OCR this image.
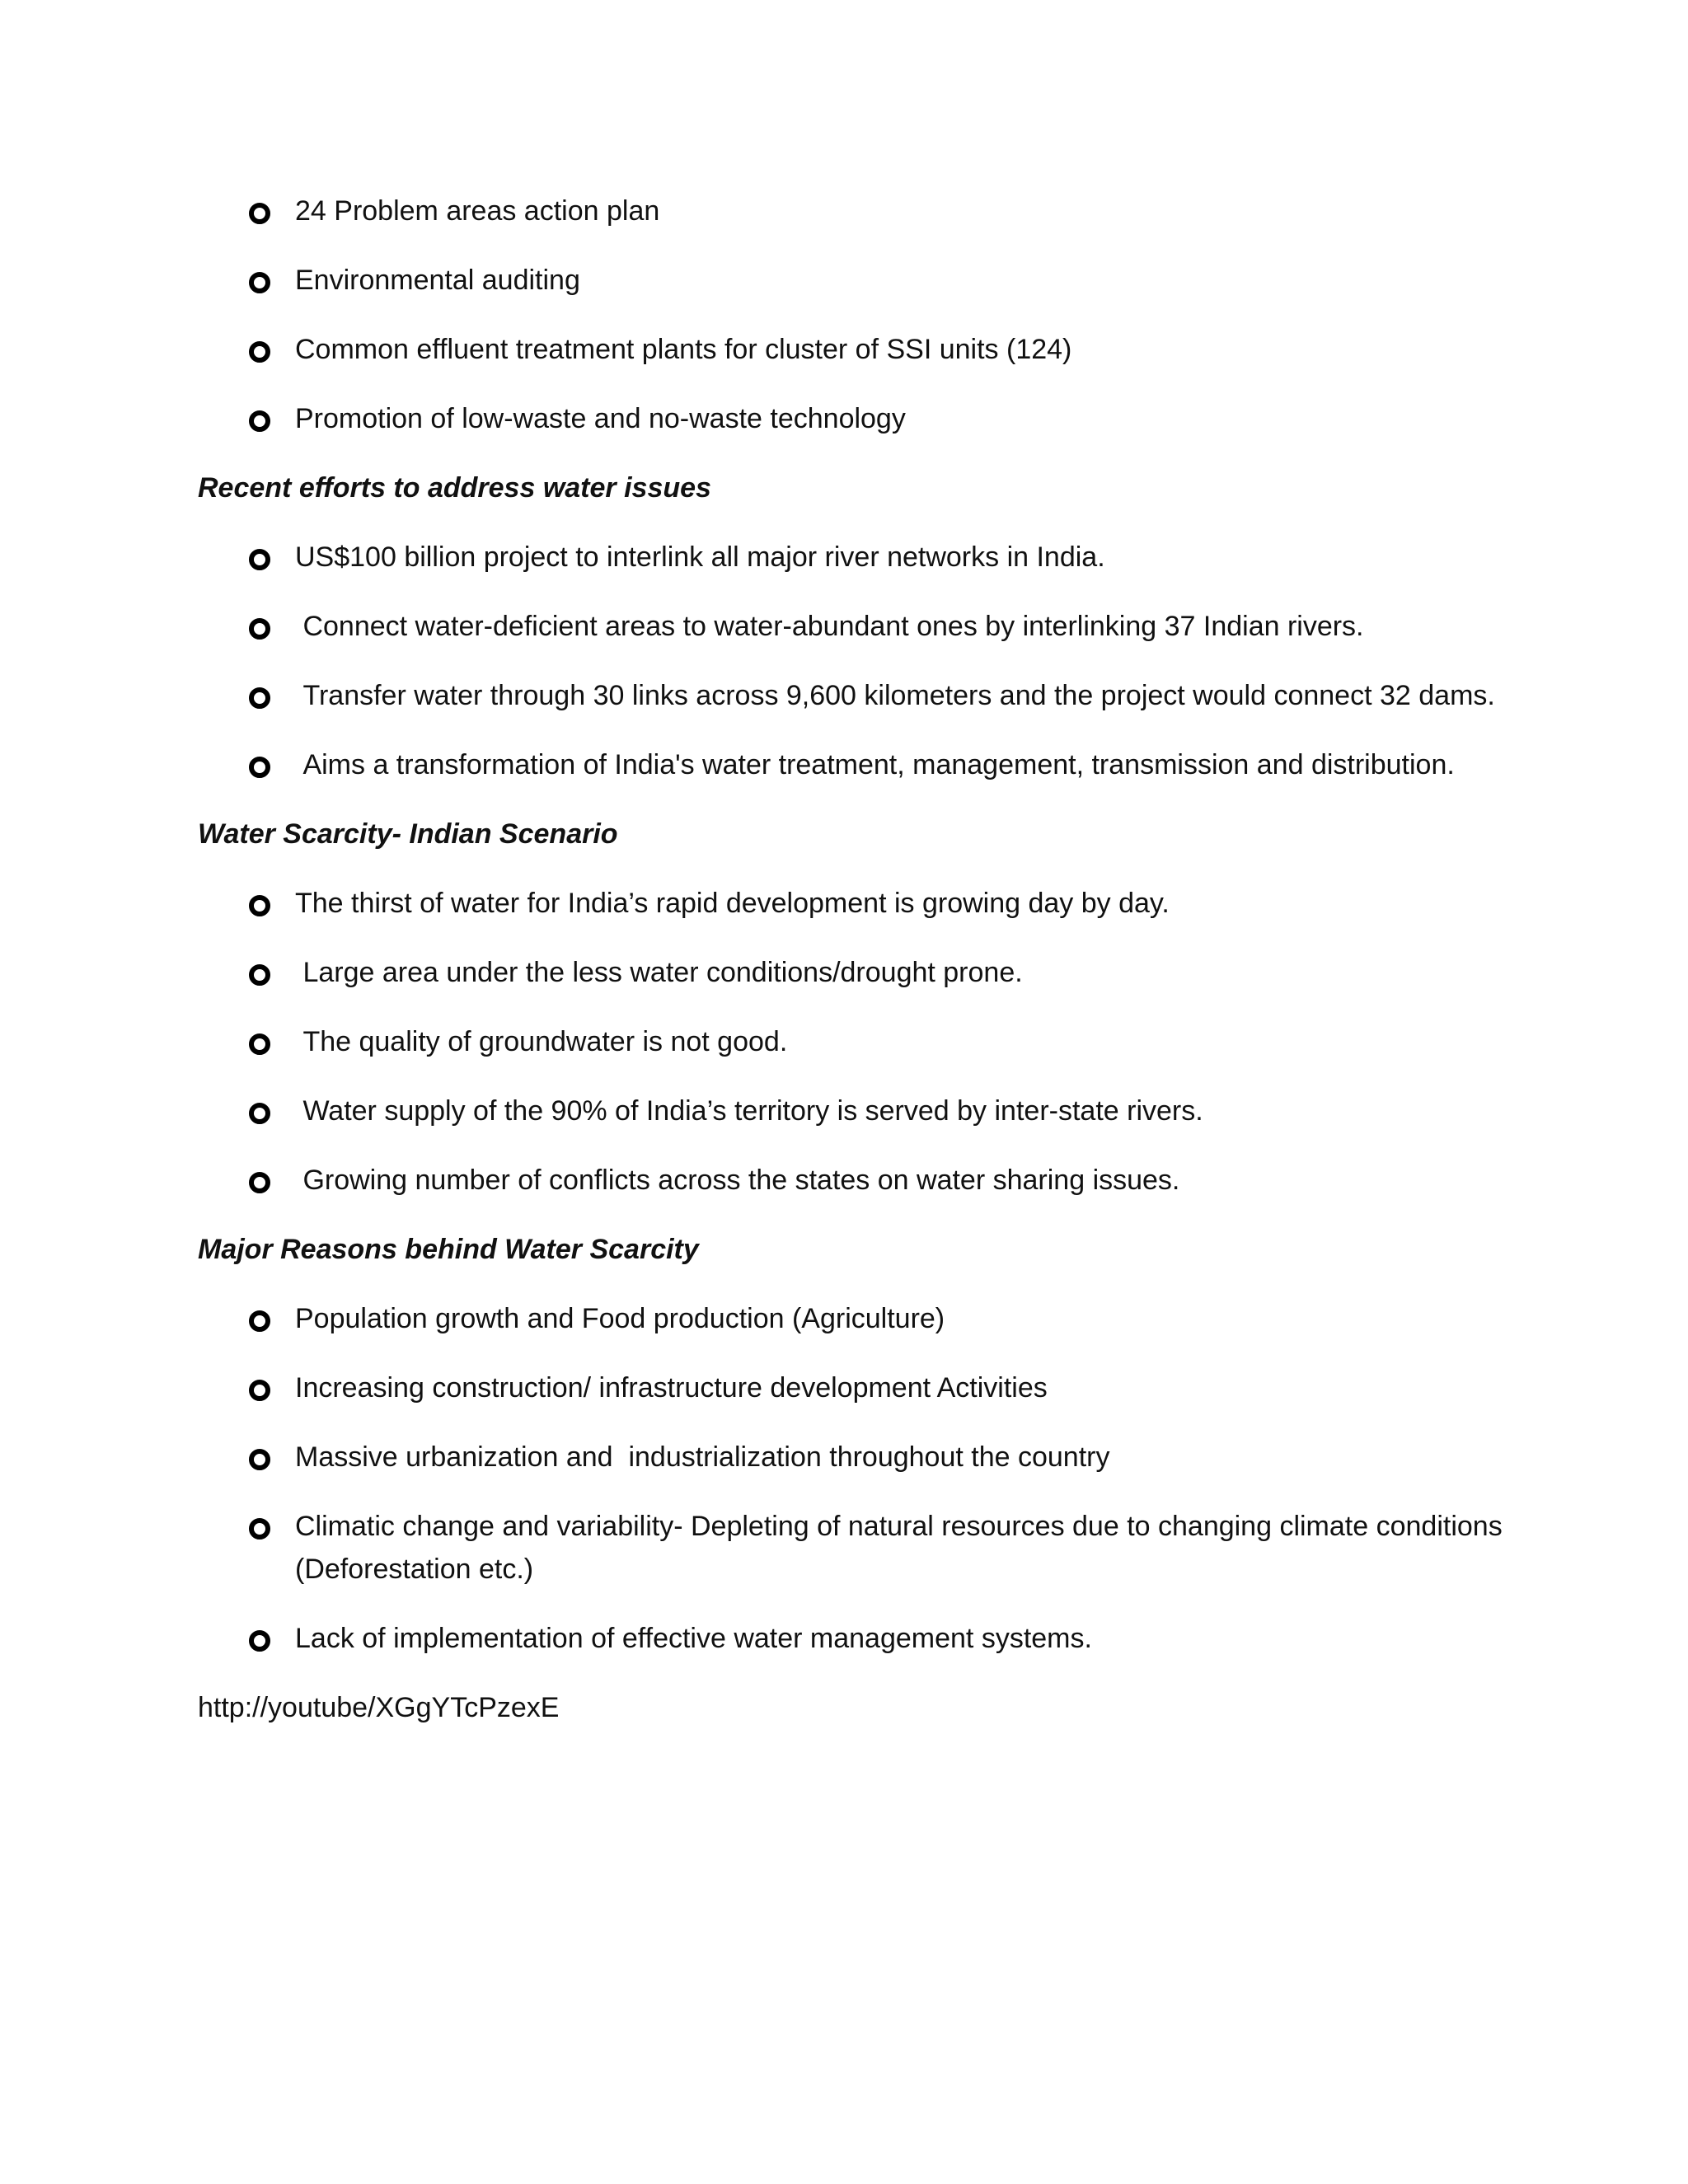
24 Problem areas action plan
Environmental auditing
Common effluent treatment plants for cluster of SSI units (124)
Promotion of low-waste and no-waste technology

Recent efforts to address water issues

US$100 billion project to interlink all major river networks in India.
Connect water-deficient areas to water-abundant ones by interlinking 37 Indian rivers.
Transfer water through 30 links across 9,600 kilometers and the project would connect 32 dams.
Aims a transformation of India's water treatment, management, transmission and distribution.

Water Scarcity- Indian Scenario

The thirst of water for India’s rapid development is growing day by day.
Large area under the less water conditions/drought prone.
The quality of groundwater is not good.
Water supply of the 90% of India’s territory is served by inter-state rivers.
Growing number of conflicts across the states on water sharing issues.

Major Reasons behind Water Scarcity

Population growth and Food production (Agriculture)
Increasing construction/ infrastructure development Activities
Massive urbanization and  industrialization throughout the country
Climatic change and variability- Depleting of natural resources due to changing climate conditions (Deforestation etc.)
Lack of implementation of effective water management systems.

http://youtube/XGgYTcPzexE
